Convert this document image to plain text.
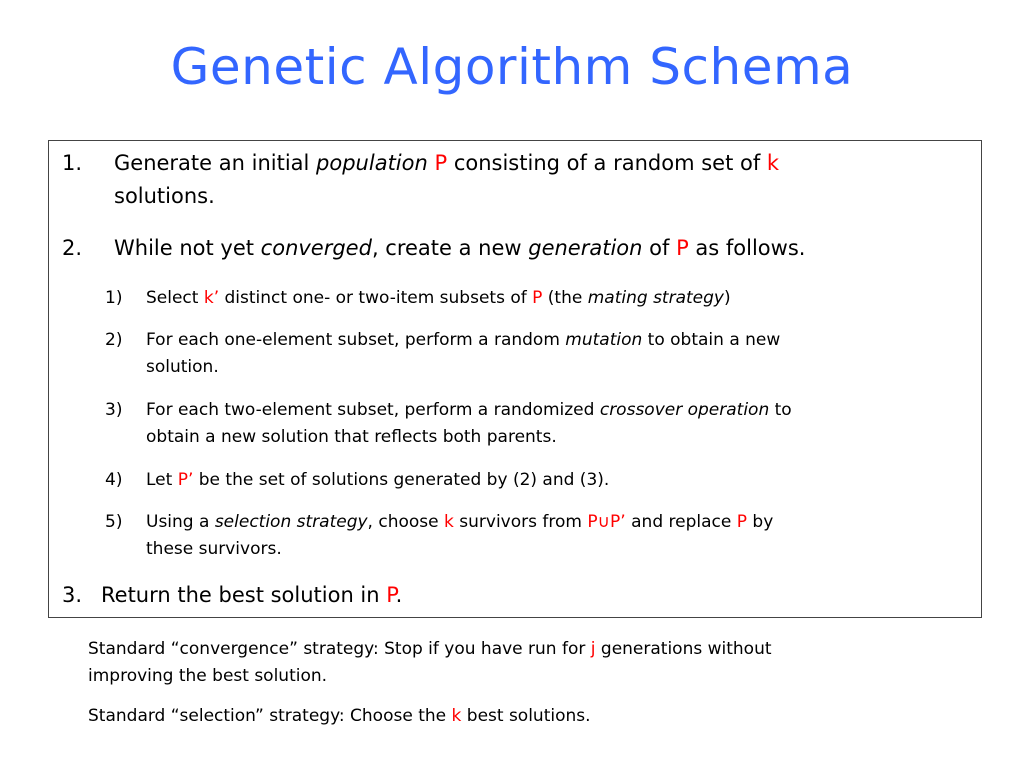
Genetic Algorithm Schema
1. Generate an initial population P consisting of a random set of k
solutions.
2. While not yet converged, create a new generation of P as follows.
1) Select k’ distinct one- or two-item subsets of P (the mating strategy)
2) For each one-element subset, perform a random mutation to obtain a new
solution.
3) For each two-element subset, perform a randomized crossover operation to
obtain a new solution that reflects both parents.
4) Let P’ be the set of solutions generated by (2) and (3).
5) Using a selection strategy, choose k survivors from P∪P’ and replace P by
these survivors.
3. Return the best solution in P.
Standard “convergence” strategy: Stop if you have run for j generations without
improving the best solution.
Standard “selection” strategy: Choose the k best solutions.
